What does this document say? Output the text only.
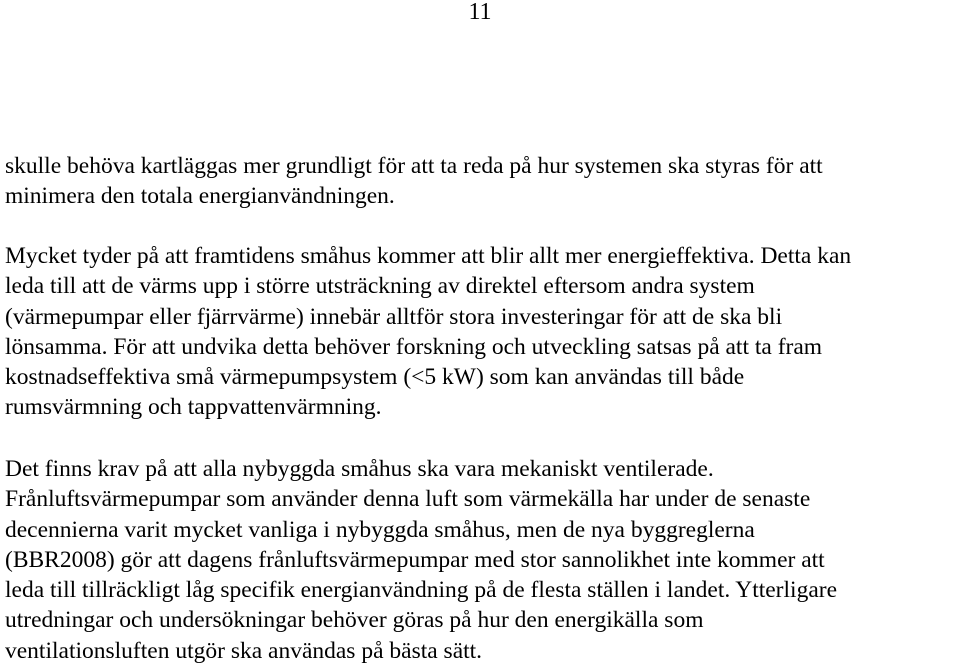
11

skulle behöva kartläggas mer grundligt för att ta reda på hur systemen ska styras för att
minimera den totala energianvändningen.

Mycket tyder på att framtidens småhus kommer att blir allt mer energieffektiva. Detta kan
leda till att de värms upp i större utsträckning av direktel eftersom andra system
(värmepumpar eller fjärrvärme) innebär alltför stora investeringar för att de ska bli
lönsamma. För att undvika detta behöver forskning och utveckling satsas på att ta fram
kostnadseffektiva små värmepumpsystem (<5 kW) som kan användas till både
rumsvärmning och tappvattenvärmning.

Det finns krav på att alla nybyggda småhus ska vara mekaniskt ventilerade.
Frånluftsvärmepumpar som använder denna luft som värmekälla har under de senaste
decennierna varit mycket vanliga i nybyggda småhus, men de nya byggreglerna
(BBR2008) gör att dagens frånluftsvärmepumpar med stor sannolikhet inte kommer att
leda till tillräckligt låg specifik energianvändning på de flesta ställen i landet. Ytterligare
utredningar och undersökningar behöver göras på hur den energikälla som
ventilationsluften utgör ska användas på bästa sätt.
